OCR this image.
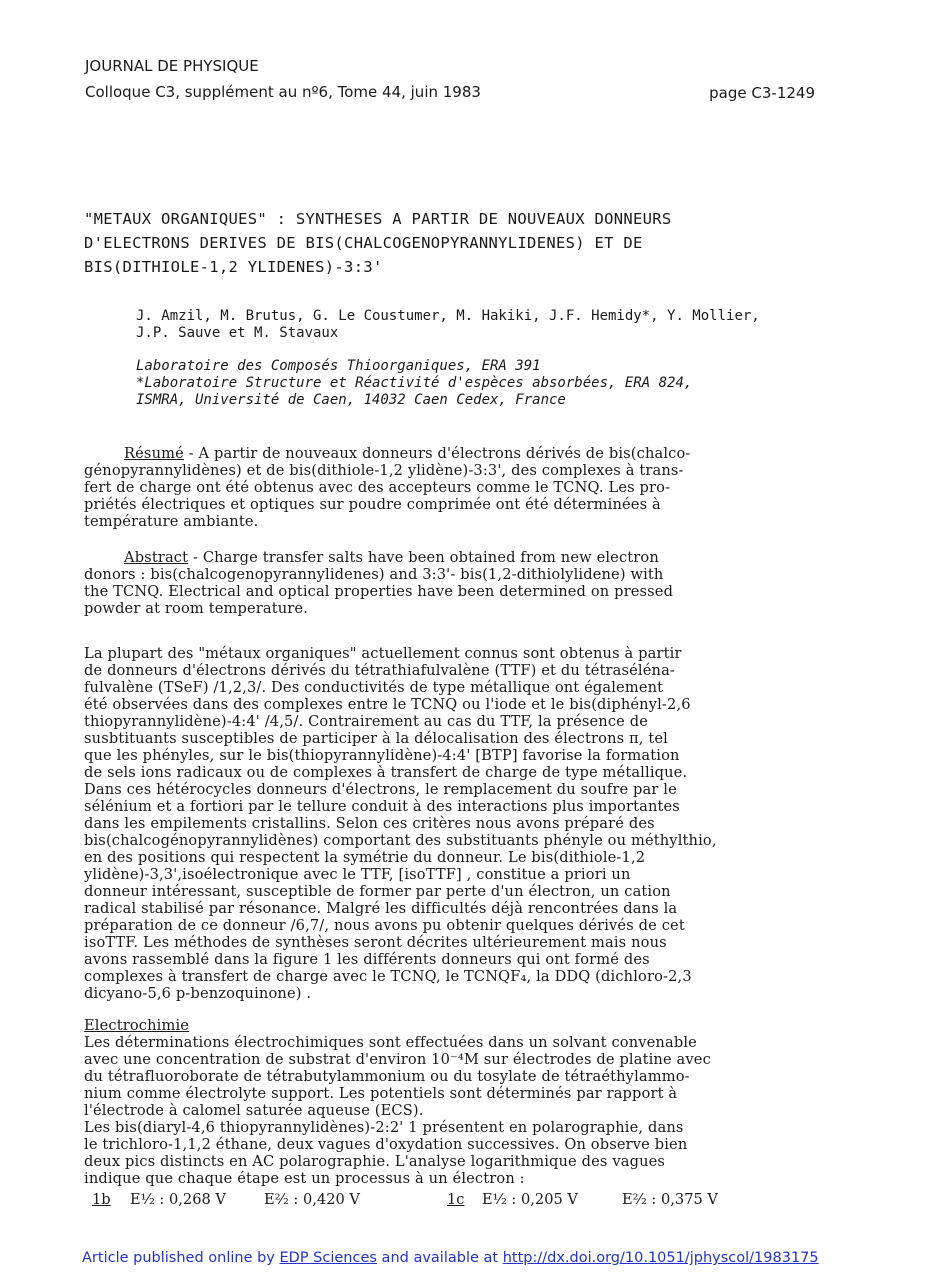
JOURNAL DE PHYSIQUE
Colloque C3, supplément au nº6, Tome 44, juin 1983	page C3-1249
"METAUX ORGANIQUES" : SYNTHESES A PARTIR DE NOUVEAUX DONNEURS
D'ELECTRONS DERIVES DE BIS(CHALCOGENOPYRANNYLIDENES) ET DE
BIS(DITHIOLE-1,2 YLIDENES)-3:3'
J. Amzil, M. Brutus, G. Le Coustumer, M. Hakiki, J.F. Hemidy*, Y. Mollier,
J.P. Sauve et M. Stavaux
Laboratoire des Composés Thioorganiques, ERA 391
*Laboratoire Structure et Réactivité d'espèces absorbées, ERA 824,
ISMRA, Université de Caen, 14032 Caen Cedex, France
Résumé - A partir de nouveaux donneurs d'électrons dérivés de bis(chalco-
génopyrannylidènes) et de bis(dithiole-1,2 ylidène)-3:3', des complexes à trans-
fert de charge ont été obtenus avec des accepteurs comme le TCNQ. Les pro-
priétés électriques et optiques sur poudre comprimée ont été déterminées à
température ambiante.
Abstract - Charge transfer salts have been obtained from new electron
donors : bis(chalcogenopyrannylidenes) and 3:3'- bis(1,2-dithiolylidene) with
the TCNQ. Electrical and optical properties have been determined on pressed
powder at room temperature.
La plupart des "métaux organiques" actuellement connus sont obtenus à partir
de donneurs d'électrons dérivés du tétrathiafulvalène (TTF) et du tétraséléna-
fulvalène (TSeF) /1,2,3/. Des conductivités de type métallique ont également
été observées dans des complexes entre le TCNQ ou l'iode et le bis(diphényl-2,6
thiopyrannylidène)-4:4' /4,5/. Contrairement au cas du TTF, la présence de
susbtituants susceptibles de participer à la délocalisation des électrons π, tel
que les phényles, sur le bis(thiopyrannylidène)-4:4' [BTP] favorise la formation
de sels ions radicaux ou de complexes à transfert de charge de type métallique.
Dans ces hétérocycles donneurs d'électrons, le remplacement du soufre par le
sélénium et a fortiori par le tellure conduit à des interactions plus importantes
dans les empilements cristallins. Selon ces critères nous avons préparé des
bis(chalcogénopyrannylidènes) comportant des substituants phényle ou méthylthio,
en des positions qui respectent la symétrie du donneur. Le bis(dithiole-1,2
ylidène)-3,3',isoélectronique avec le TTF, [isoTTF] , constitue a priori un
donneur intéressant, susceptible de former par perte d'un électron, un cation
radical stabilisé par résonance. Malgré les difficultés déjà rencontrées dans la
préparation de ce donneur /6,7/, nous avons pu obtenir quelques dérivés de cet
isoTTF. Les méthodes de synthèses seront décrites ultérieurement mais nous
avons rassemblé dans la figure 1 les différents donneurs qui ont formé des
complexes à transfert de charge avec le TCNQ, le TCNQF₄, la DDQ (dichloro-2,3
dicyano-5,6 p-benzoquinone) .
Electrochimie
Les déterminations électrochimiques sont effectuées dans un solvant convenable
avec une concentration de substrat d'environ 10⁻⁴M sur électrodes de platine avec
du tétrafluoroborate de tétrabutylammonium ou du tosylate de tétraéthylammo-
nium comme électrolyte support. Les potentiels sont déterminés par rapport à
l'électrode à calomel saturée aqueuse (ECS).
Les bis(diaryl-4,6 thiopyrannylidènes)-2:2' 1 présentent en polarographie, dans
le trichloro-1,1,2 éthane, deux vagues d'oxydation successives. On observe bien
deux pics distincts en AC polarographie. L'analyse logarithmique des vagues
indique que chaque étape est un processus à un électron :
1b E¹⁄₂ : 0,268 V	E²⁄₂ : 0,420 V	1c E¹⁄₂ : 0,205 V	E²⁄₂ : 0,375 V
Article published online by EDP Sciences and available at http://dx.doi.org/10.1051/jphyscol/1983175
